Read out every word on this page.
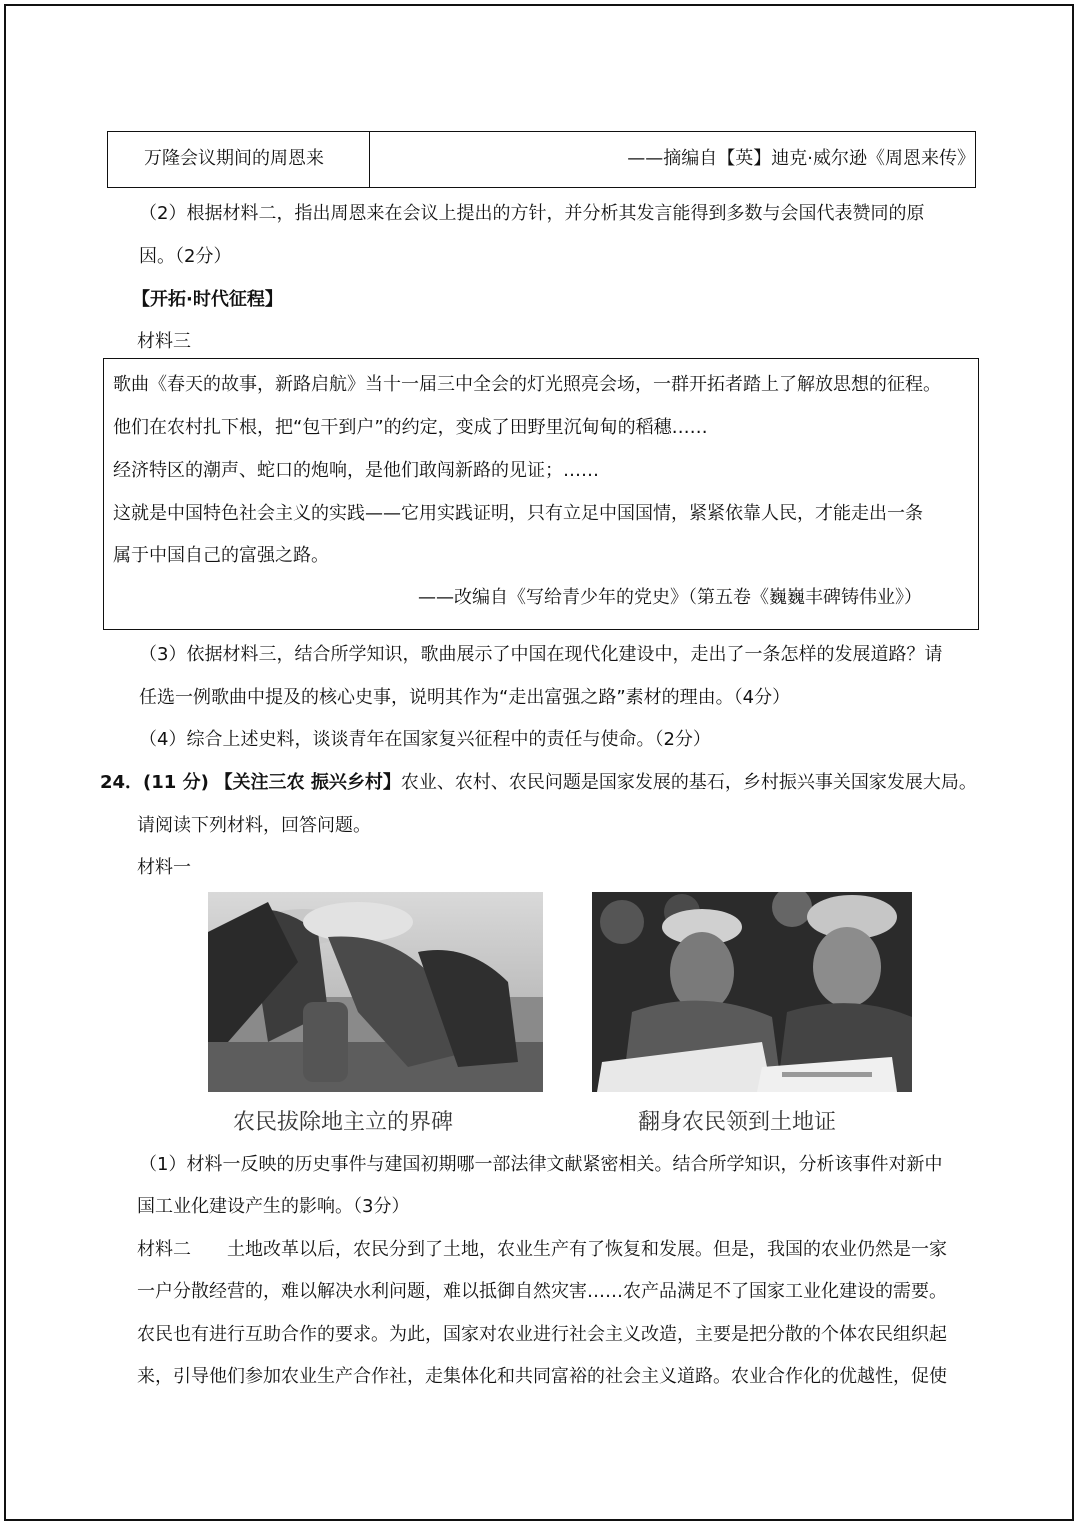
万隆会议期间的周恩来	——摘编自【英】迪克·威尔逊《周恩来传》
（2）根据材料二，指出周恩来在会议上提出的方针，并分析其发言能得到多数与会国代表赞同的原
因。（2分）
【开拓·时代征程】
材料三
歌曲《春天的故事，新路启航》当十一届三中全会的灯光照亮会场，一群开拓者踏上了解放思想的征程。
他们在农村扎下根，把“包干到户”的约定，变成了田野里沉甸甸的稻穗……
经济特区的潮声、蛇口的炮响，是他们敢闯新路的见证；……
这就是中国特色社会主义的实践——它用实践证明，只有立足中国国情，紧紧依靠人民，才能走出一条
属于中国自己的富强之路。
——改编自《写给青少年的党史》（第五卷《巍巍丰碑铸伟业》）
（3）依据材料三，结合所学知识，歌曲展示了中国在现代化建设中，走出了一条怎样的发展道路？请
任选一例歌曲中提及的核心史事，说明其作为“走出富强之路”素材的理由。（4分）
（4）综合上述史料，谈谈青年在国家复兴征程中的责任与使命。（2分）
24．(11 分) 【关注三农 振兴乡村】农业、农村、农民问题是国家发展的基石，乡村振兴事关国家发展大局。
请阅读下列材料，回答问题。
材料一
农民拔除地主立的界碑	翻身农民领到土地证
（1）材料一反映的历史事件与建国初期哪一部法律文献紧密相关。结合所学知识，分析该事件对新中
国工业化建设产生的影响。（3分）
材料二　　土地改革以后，农民分到了土地，农业生产有了恢复和发展。但是，我国的农业仍然是一家
一户分散经营的，难以解决水利问题，难以抵御自然灾害……农产品满足不了国家工业化建设的需要。
农民也有进行互助合作的要求。为此，国家对农业进行社会主义改造，主要是把分散的个体农民组织起
来，引导他们参加农业生产合作社，走集体化和共同富裕的社会主义道路。农业合作化的优越性，促使
